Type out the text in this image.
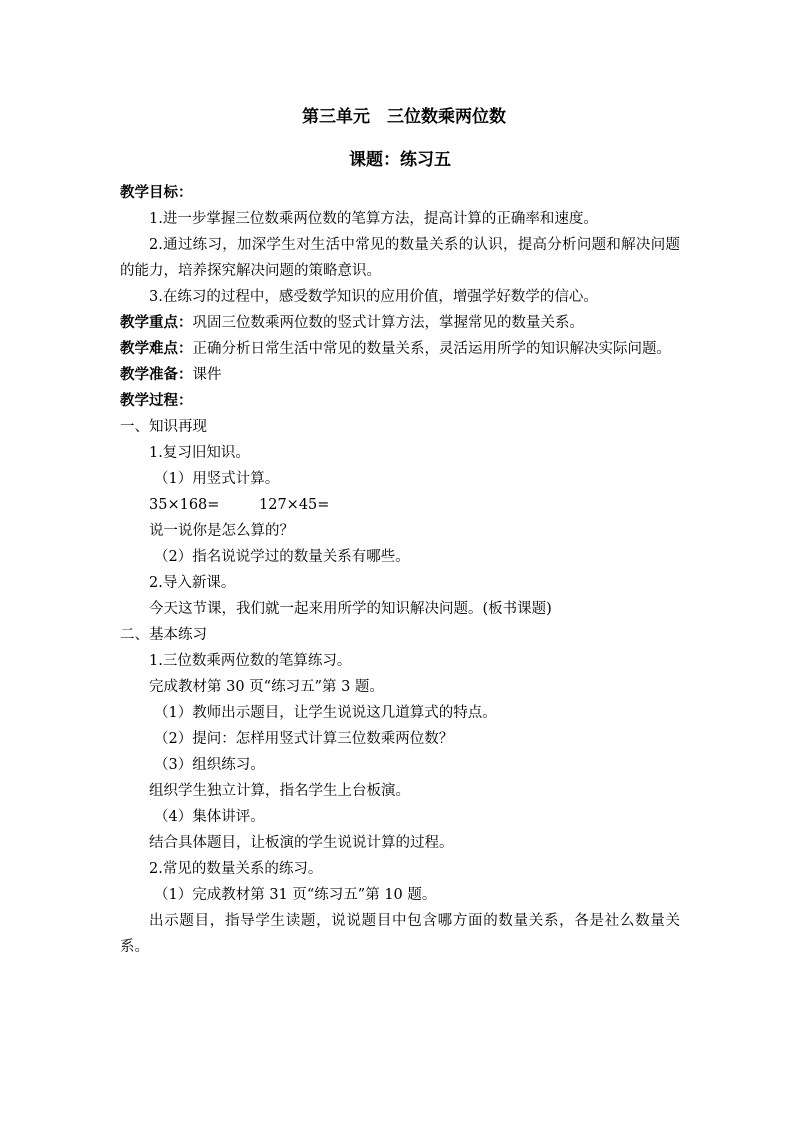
第三单元　三位数乘两位数
课题：练习五
教学目标：
1.进一步掌握三位数乘两位数的笔算方法，提高计算的正确率和速度。

2.通过练习，加深学生对生活中常见的数量关系的认识，提高分析问题和解决问题的能力，培养探究解决问题的策略意识。

3.在练习的过程中，感受数学知识的应用价值，增强学好数学的信心。
教学重点：巩固三位数乘两位数的竖式计算方法，掌握常见的数量关系。

教学难点：正确分析日常生活中常见的数量关系，灵活运用所学的知识解决实际问题。

教学准备：课件
教学过程：
一、知识再现
1.复习旧知识。
（1）用竖式计算。
35×168=	127×45=
说一说你是怎么算的？
（2）指名说说学过的数量关系有哪些。
2.导入新课。
今天这节课，我们就一起来用所学的知识解决问题。(板书课题)
二、基本练习
1.三位数乘两位数的笔算练习。
完成教材第 30 页“练习五”第 3 题。
（1）教师出示题目，让学生说说这几道算式的特点。
（2）提问：怎样用竖式计算三位数乘两位数？
（3）组织练习。
组织学生独立计算，指名学生上台板演。
（4）集体讲评。
结合具体题目，让板演的学生说说计算的过程。
2.常见的数量关系的练习。
（1）完成教材第 31 页“练习五”第 10 题。

出示题目，指导学生读题，说说题目中包含哪方面的数量关系，各是社么数量关系。
